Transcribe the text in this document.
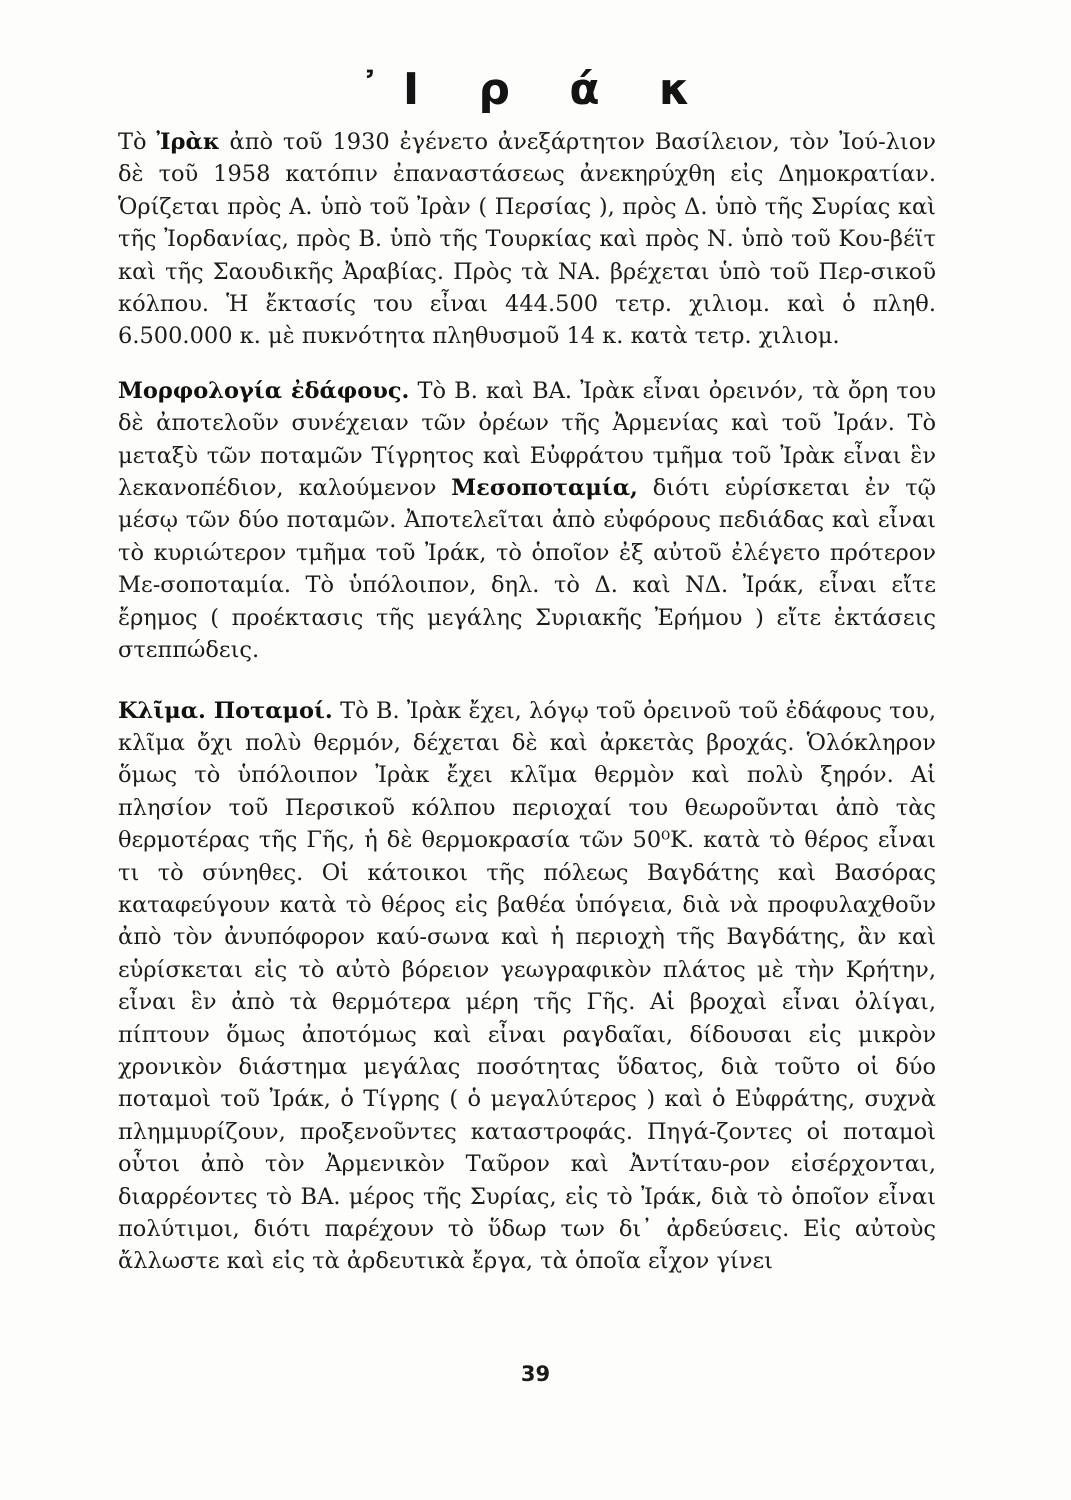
᾿Ι ρ ά κ

Τὸ Ἰρὰκ ἀπὸ τοῦ 1930 ἐγένετο ἀνεξάρτητον Βασίλειον, τὸν Ἰού-λιον δὲ τοῦ 1958 κατόπιν ἐπαναστάσεως ἀνεκηρύχθη εἰς Δημοκρατίαν. Ὁρίζεται πρὸς Α. ὑπὸ τοῦ Ἰρὰν ( Περσίας ), πρὸς Δ. ὑπὸ τῆς Συρίας καὶ τῆς Ἰορδανίας, πρὸς Β. ὑπὸ τῆς Τουρκίας καὶ πρὸς Ν. ὑπὸ τοῦ Κου-βέϊτ καὶ τῆς Σαουδικῆς Ἀραβίας. Πρὸς τὰ ΝΑ. βρέχεται ὑπὸ τοῦ Περ-σικοῦ κόλπου. Ἡ ἔκτασίς του εἶναι 444.500 τετρ. χιλιομ. καὶ ὁ πληθ. 6.500.000 κ. μὲ πυκνότητα πληθυσμοῦ 14 κ. κατὰ τετρ. χιλιομ.

Μορφολογία ἐδάφους. Τὸ Β. καὶ ΒΑ. Ἰρὰκ εἶναι ὀρεινόν, τὰ ὄρη του δὲ ἀποτελοῦν συνέχειαν τῶν ὀρέων τῆς Ἀρμενίας καὶ τοῦ Ἰράν. Τὸ μεταξὺ τῶν ποταμῶν Τίγρητος καὶ Εὐφράτου τμῆμα τοῦ Ἰρὰκ εἶναι ἓν λεκανοπέδιον, καλούμενον Μεσοποταμία, διότι εὑρίσκεται ἐν τῷ μέσῳ τῶν δύο ποταμῶν. Ἀποτελεῖται ἀπὸ εὐφόρους πεδιάδας καὶ εἶναι τὸ κυριώτερον τμῆμα τοῦ Ἰράκ, τὸ ὁποῖον ἐξ αὐτοῦ ἐλέγετο πρότερον Με-σοποταμία. Τὸ ὑπόλοιπον, δηλ. τὸ Δ. καὶ ΝΔ. Ἰράκ, εἶναι εἴτε ἔρημος ( προέκτασις τῆς μεγάλης Συριακῆς Ἐρήμου ) εἴτε ἐκτάσεις στεππώδεις.

Κλῖμα. Ποταμοί. Τὸ Β. Ἰρὰκ ἔχει, λόγῳ τοῦ ὀρεινοῦ τοῦ ἐδάφους του, κλῖμα ὄχι πολὺ θερμόν, δέχεται δὲ καὶ ἀρκετὰς βροχάς. Ὁλόκληρον ὅμως τὸ ὑπόλοιπον Ἰρὰκ ἔχει κλῖμα θερμὸν καὶ πολὺ ξηρόν. Αἱ πλησίον τοῦ Περσικοῦ κόλπου περιοχαί του θεωροῦνται ἀπὸ τὰς θερμοτέρας τῆς Γῆς, ἡ δὲ θερμοκρασία τῶν 50⁰Κ. κατὰ τὸ θέρος εἶναι τι τὸ σύνηθες. Οἱ κάτοικοι τῆς πόλεως Βαγδάτης καὶ Βασόρας καταφεύγουν κατὰ τὸ θέρος εἰς βαθέα ὑπόγεια, διὰ νὰ προφυλαχθοῦν ἀπὸ τὸν ἀνυπόφορον καύ-σωνα καὶ ἡ περιοχὴ τῆς Βαγδάτης, ἂν καὶ εὑρίσκεται εἰς τὸ αὐτὸ βόρειον γεωγραφικὸν πλάτος μὲ τὴν Κρήτην, εἶναι ἓν ἀπὸ τὰ θερμότερα μέρη τῆς Γῆς. Αἱ βροχαὶ εἶναι ὀλίγαι, πίπτουν ὅμως ἀποτόμως καὶ εἶναι ραγδαῖαι, δίδουσαι εἰς μικρὸν χρονικὸν διάστημα μεγάλας ποσότητας ὕδατος, διὰ τοῦτο οἱ δύο ποταμοὶ τοῦ Ἰράκ, ὁ Τίγρης ( ὁ μεγαλύτερος ) καὶ ὁ Εὐφράτης, συχνὰ πλημμυρίζουν, προξενοῦντες καταστροφάς. Πηγά-ζοντες οἱ ποταμοὶ οὗτοι ἀπὸ τὸν Ἀρμενικὸν Ταῦρον καὶ Ἀντίταυ-ρον εἰσέρχονται, διαρρέοντες τὸ ΒΑ. μέρος τῆς Συρίας, εἰς τὸ Ἰράκ, διὰ τὸ ὁποῖον εἶναι πολύτιμοι, διότι παρέχουν τὸ ὕδωρ των δι᾿ ἀρδεύσεις. Εἰς αὐτοὺς ἄλλωστε καὶ εἰς τὰ ἀρδευτικὰ ἔργα, τὰ ὁποῖα εἶχον γίνει

39
